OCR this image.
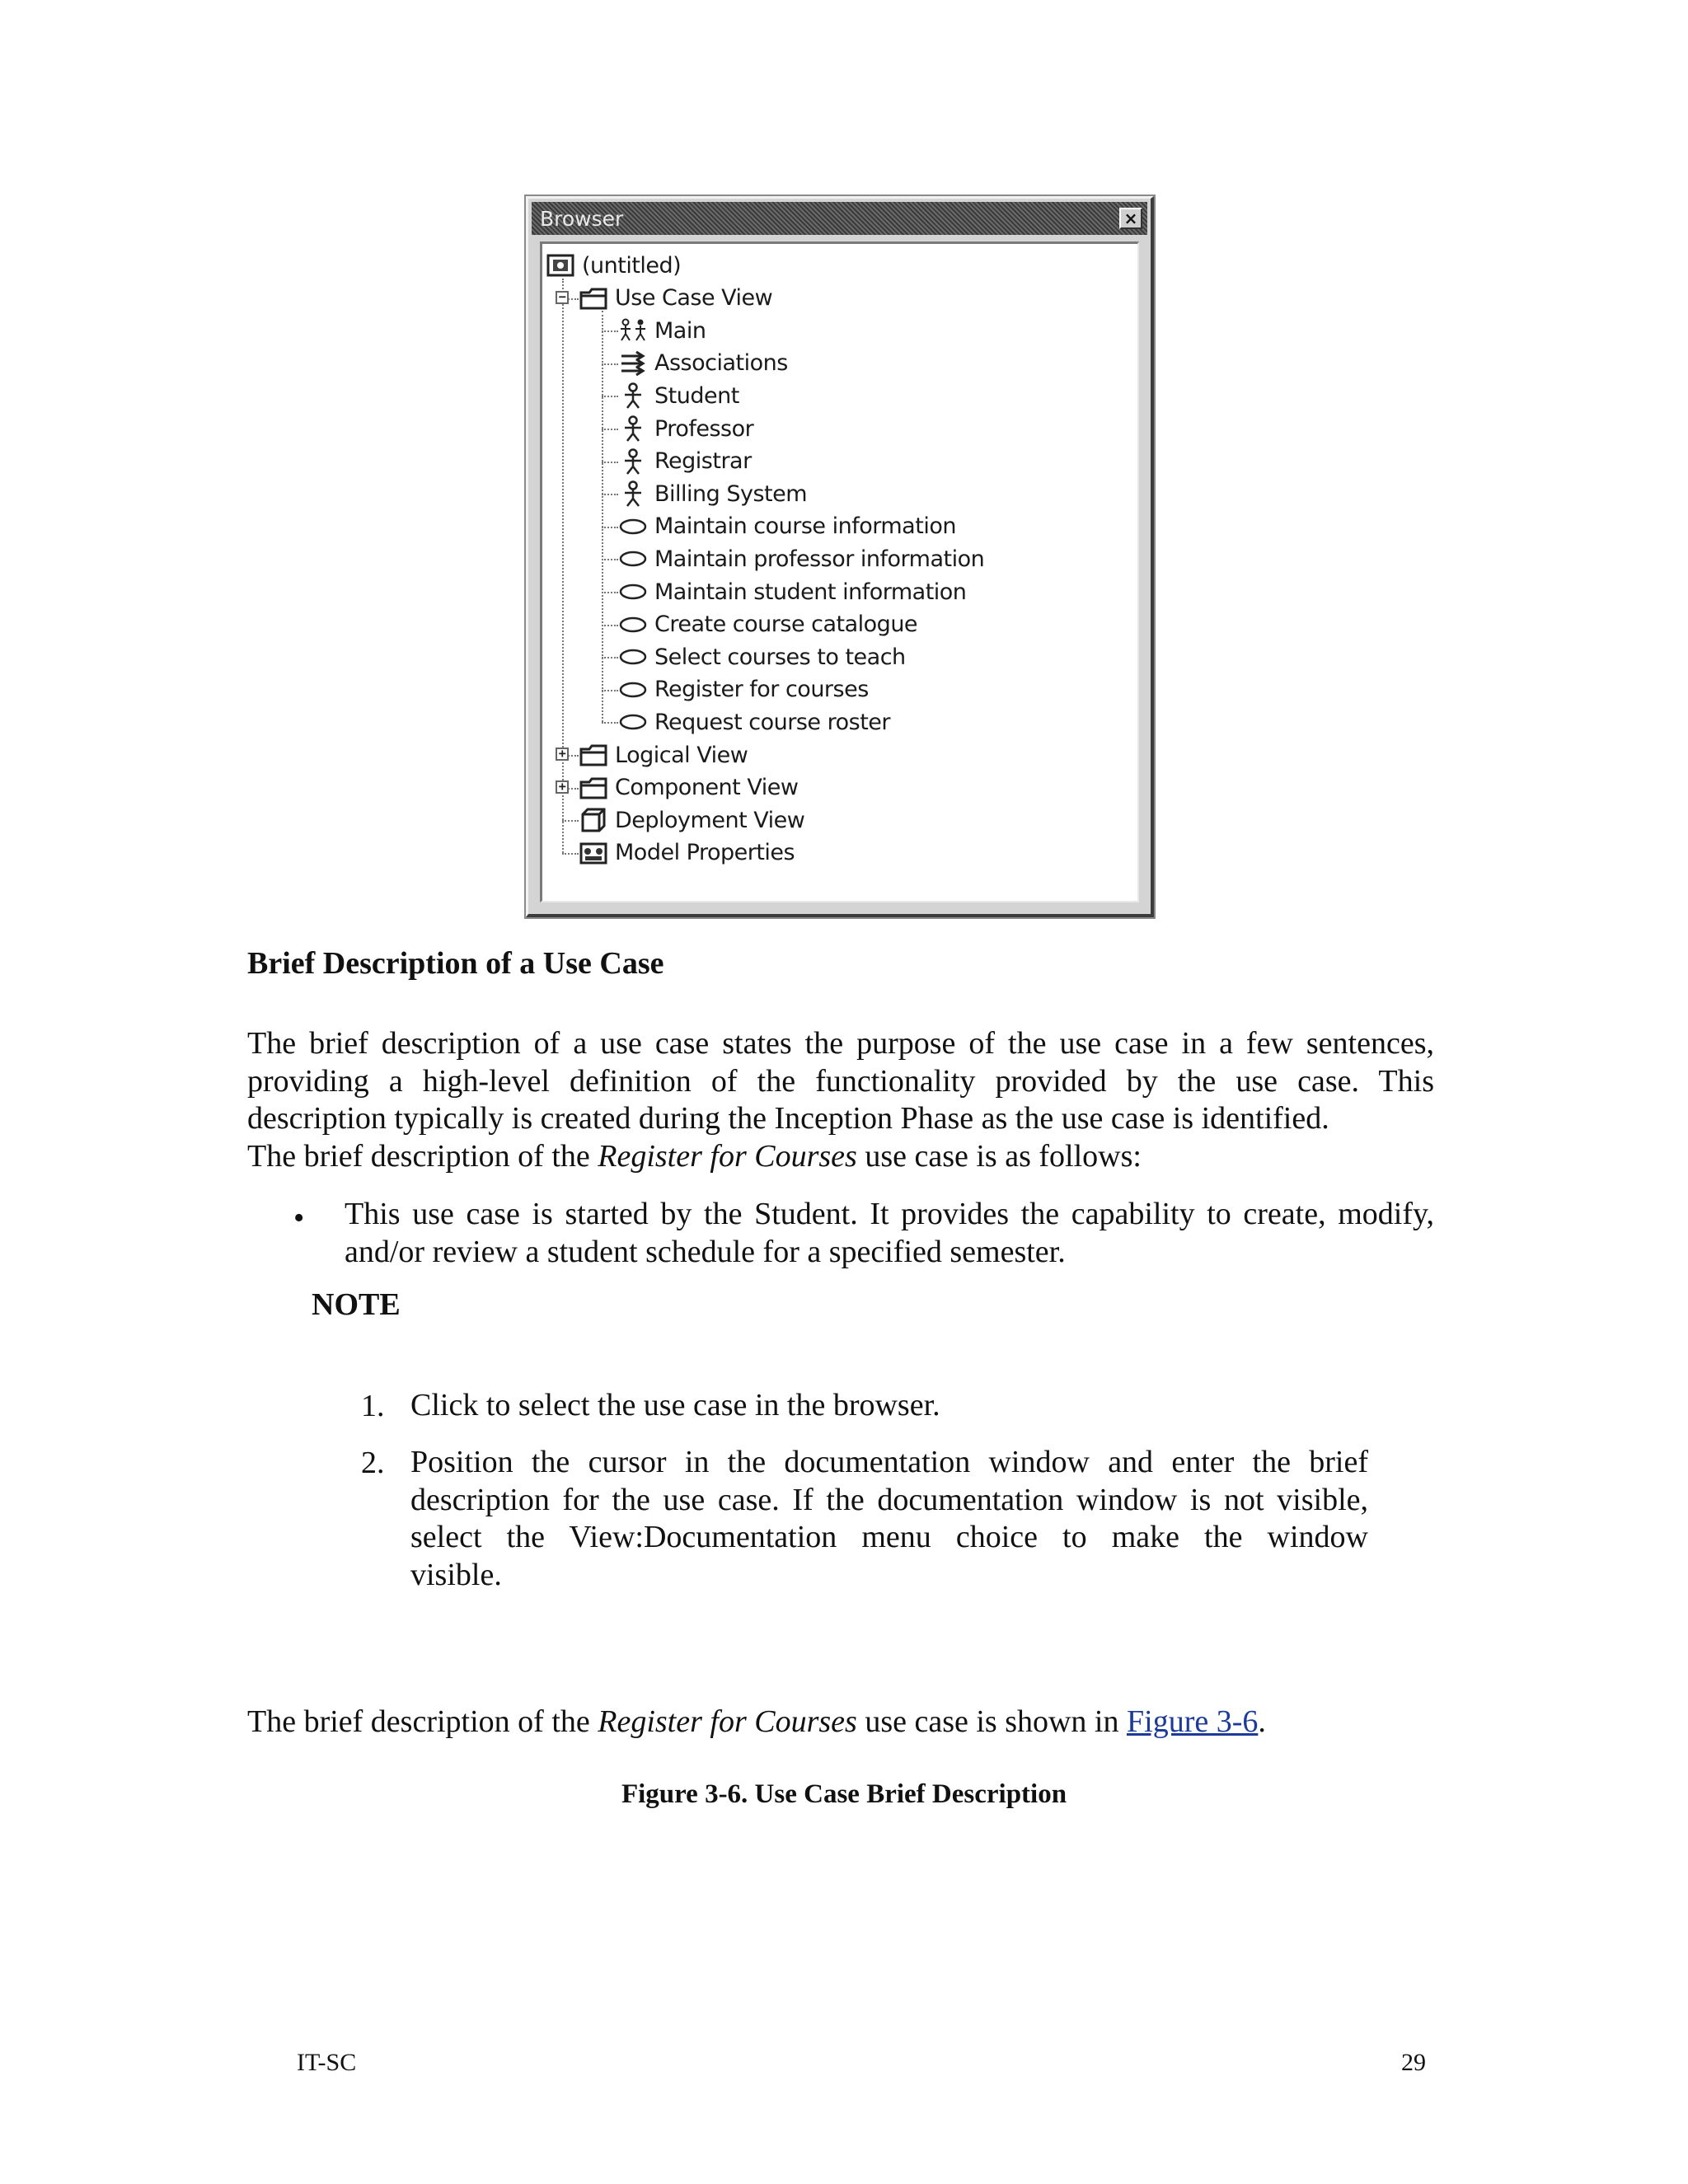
Browser	×
(untitled)
− Use Case View
Main
Associations
Student
Professor
Registrar
Billing System
Maintain course information
Maintain professor information
Maintain student information
Create course catalogue
Select courses to teach
Register for courses
Request course roster
+ Logical View
+ Component View
Deployment View
Model Properties
Brief Description of a Use Case
The brief description of a use case states the purpose of the use case in a few sentences,
providing a high-level definition of the functionality provided by the use case. This
description typically is created during the Inception Phase as the use case is identified.
The brief description of the Register for Courses use case is as follows:
• This use case is started by the Student. It provides the capability to create, modify,
and/or review a student schedule for a specified semester.
NOTE
1. Click to select the use case in the browser.
2. Position the cursor in the documentation window and enter the brief
description for the use case. If the documentation window is not visible,
select the View:Documentation menu choice to make the window
visible.

The brief description of the Register for Courses use case is shown in Figure 3-6.

Figure 3-6. Use Case Brief Description
IT-SC	29
